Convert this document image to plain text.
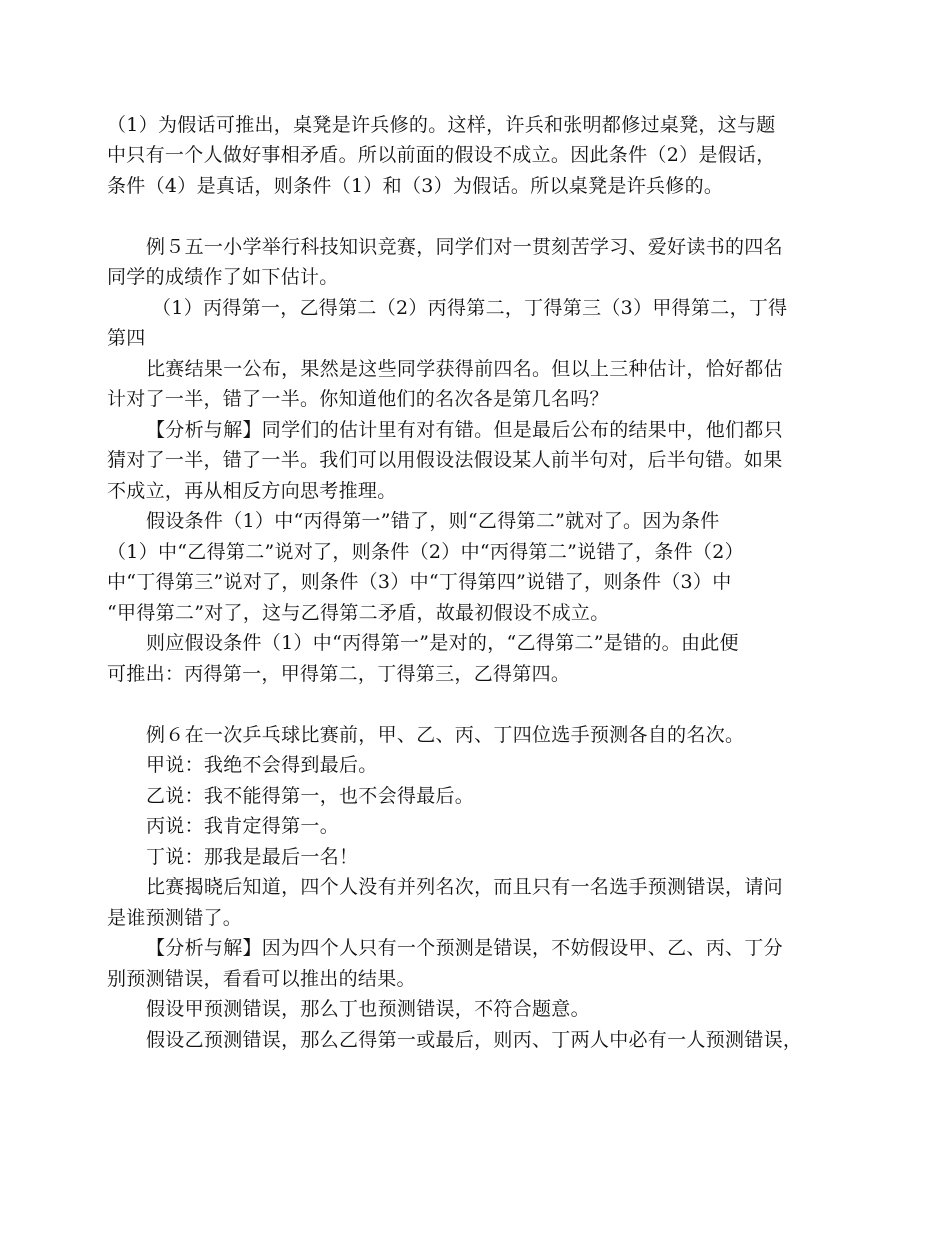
（1）为假话可推出，桌凳是许兵修的。这样，许兵和张明都修过桌凳，这与题
中只有一个人做好事相矛盾。所以前面的假设不成立。因此条件（2）是假话，
条件（4）是真话，则条件（1）和（3）为假话。所以桌凳是许兵修的。
例５五一小学举行科技知识竞赛，同学们对一贯刻苦学习、爱好读书的四名
同学的成绩作了如下估计。
（1）丙得第一，乙得第二（2）丙得第二，丁得第三（3）甲得第二，丁得
第四
比赛结果一公布，果然是这些同学获得前四名。但以上三种估计，恰好都估
计对了一半，错了一半。你知道他们的名次各是第几名吗？
【分析与解】同学们的估计里有对有错。但是最后公布的结果中，他们都只
猜对了一半，错了一半。我们可以用假设法假设某人前半句对，后半句错。如果
不成立，再从相反方向思考推理。
假设条件（1）中“丙得第一”错了，则“乙得第二”就对了。因为条件
（1）中“乙得第二”说对了，则条件（2）中“丙得第二”说错了，条件（2）
中“丁得第三”说对了，则条件（3）中“丁得第四”说错了，则条件（3）中
“甲得第二”对了，这与乙得第二矛盾，故最初假设不成立。
则应假设条件（1）中“丙得第一”是对的，“乙得第二”是错的。由此便
可推出：丙得第一，甲得第二，丁得第三，乙得第四。
例６在一次乒乓球比赛前，甲、乙、丙、丁四位选手预测各自的名次。
甲说：我绝不会得到最后。
乙说：我不能得第一，也不会得最后。
丙说：我肯定得第一。
丁说：那我是最后一名！
比赛揭晓后知道，四个人没有并列名次，而且只有一名选手预测错误，请问
是谁预测错了。
【分析与解】因为四个人只有一个预测是错误，不妨假设甲、乙、丙、丁分
别预测错误，看看可以推出的结果。
假设甲预测错误，那么丁也预测错误，不符合题意。
假设乙预测错误，那么乙得第一或最后，则丙、丁两人中必有一人预测错误，
